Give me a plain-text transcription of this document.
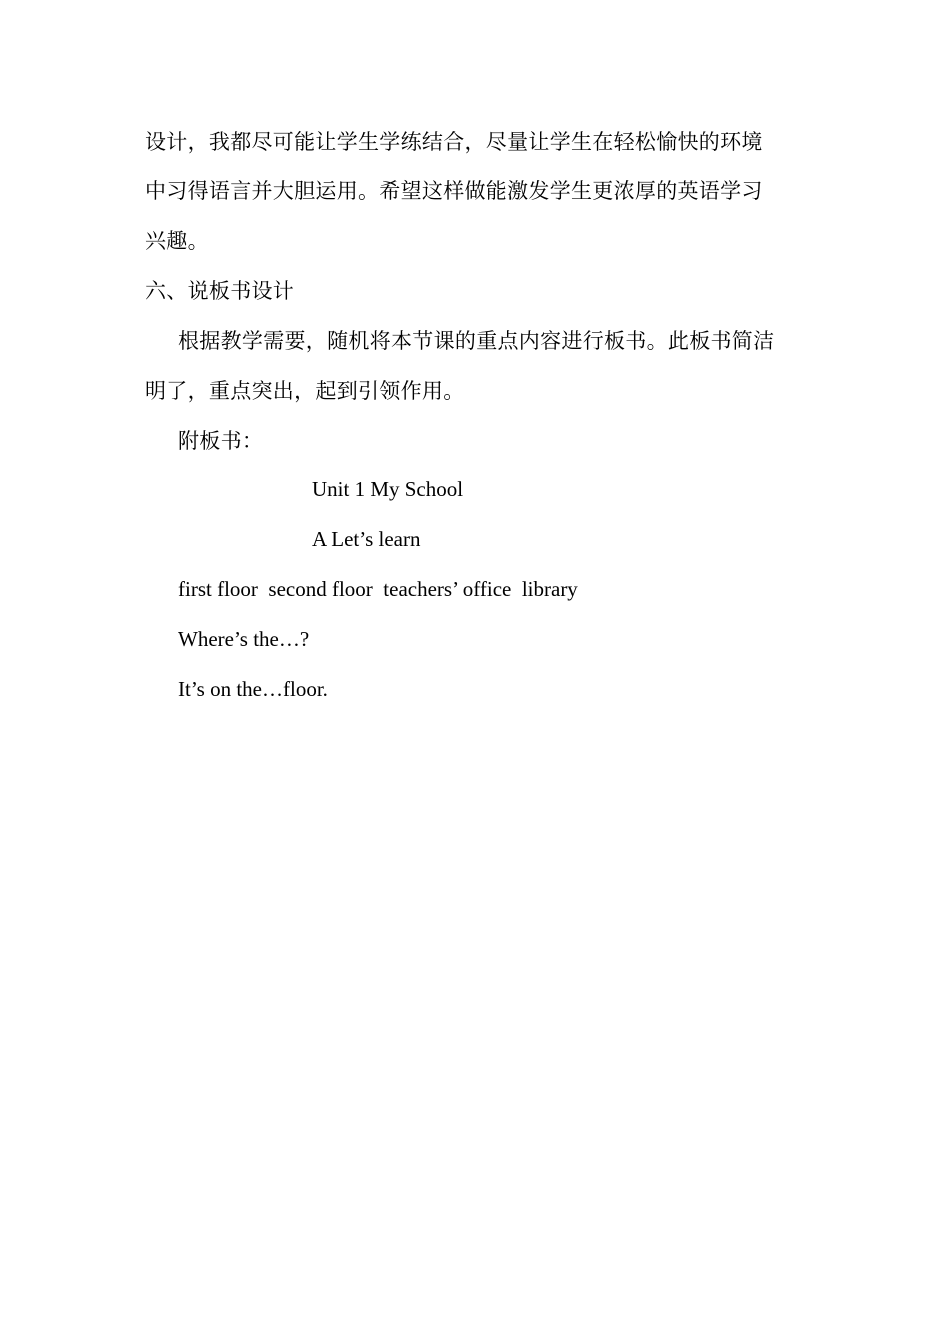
设计，我都尽可能让学生学练结合，尽量让学生在轻松愉快的环境
中习得语言并大胆运用。希望这样做能激发学生更浓厚的英语学习
兴趣。
六、说板书设计
根据教学需要，随机将本节课的重点内容进行板书。此板书简洁
明了，重点突出，起到引领作用。
附板书：
Unit 1 My School
A Let’s learn
first floor  second floor  teachers’ office  library
Where’s the…?
It’s on the…floor.
